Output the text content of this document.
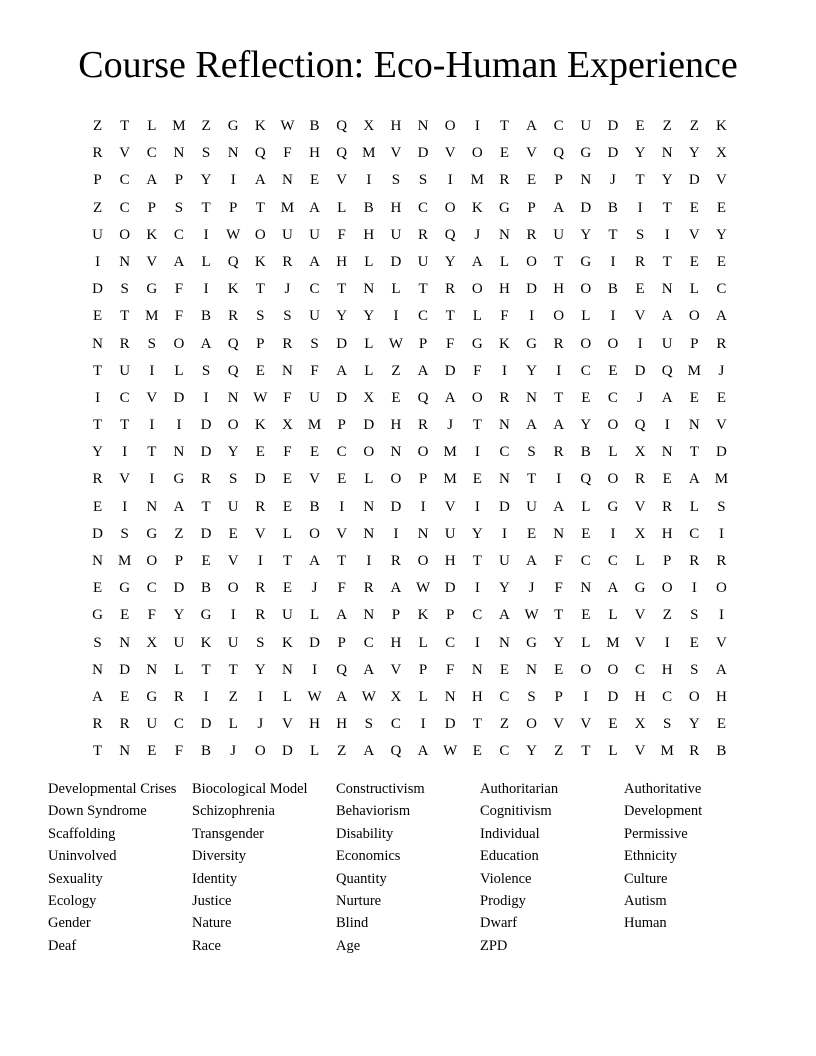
Course Reflection: Eco-Human Experience
Z	T	L	M	Z	G	K W	B	Q	X	H	N	O	I	T	A	C	U	D	E	Z	Z	K
R	V	C	N	S	N	Q	F	H	Q	M	V	D	V	O	E	V	Q	G	D	Y	N	Y	X
P	C	A	P	Y	I	A	N	E	V	I	S	S	I	M	R	E	P	N	J	T	Y	D	V
Z	C	P	S	T	P	T	M	A	L	B	H	C	O	K	G	P	A	D	B	I	T	E	E
U	O	K	C	I	W O	U	U	F	H	U	R	Q	J	N	R	U	Y	T	S	I	V	Y
I	N	V	A	L	Q	K	R	A	H	L	D	U	Y	A	L	O	T	G	I	R	T	E	E
D	S	G	F	I	K	T	J	C	T	N	L	T	R	O	H	D	H	O	B	E	N	L	C
E	T	M	F	B	R	S	S	U	Y	Y	I	C	T	L	F	I	O	L	I	V	A	O	A
N	R	S	O	A	Q	P	R	S	D	L	W	P	F	G	K	G	R	O	O	I	U	P	R
T	U	I	L	S	Q	E	N	F	A	L	Z	A	D	F	I	Y	I	C	E	D	Q	M	J
I	C	V	D	I	N W	F	U	D	X	E	Q	A	O	R	N	T	E	C	J	A	E	E
T	T	I	I	D	O	K	X	M	P	D	H	R	J	T	N	A	A	Y	O	Q	I	N	V
Y	I	T	N	D	Y	E	F	E	C	O	N	O	M	I	C	S	R	B	L	X	N	T	D
R	V	I	G	R	S	D	E	V	E	L	O	P	M	E	N	T	I	Q	O	R	E	A	M
E	I	N	A	T	U	R	E	B	I	N	D	I	V	I	D	U	A	L	G	V	R	L	S
D	S	G	Z	D	E	V	L	O	V	N	I	N	U	Y	I	E	N	E	I	X	H	C	I
N	M	O	P	E	V	I	T	A	T	I	R	O	H	T	U	A	F	C	C	L	P	R	R
E	G	C	D	B	O	R	E	J	F	R	A W D	I	Y	J	F	N	A	G	O	I	O
G	E	F	Y	G	I	R	U	L	A	N	P	K	P	C	A W	T	E	L	V	Z	S	I
S	N	X	U	K	U	S	K	D	P	C	H	L	C	I	N	G	Y	L	M	V	I	E	V
N	D	N	L	T	T	Y	N	I	Q	A	V	P	F	N	E	N	E	O	O	C	H	S	A
A	E	G	R	I	Z	I	L	W A W X	L	N	H	C	S	P	I	D	H	C	O	H
R	R	U	C	D	L	J	V	H	H	S	C	I	D	T	Z	O	V	V	E	X	S	Y	E
T	N	E	F	B	J	O	D	L	Z	A	Q	A W	E	C	Y	Z	T	L	V	M	R	B
Developmental Crises	Biocological Model	Constructivism	Authoritarian	Authoritative
Down Syndrome	Schizophrenia	Behaviorism	Cognitivism	Development
Scaffolding	Transgender	Disability	Individual	Permissive
Uninvolved	Diversity	Economics	Education	Ethnicity
Sexuality	Identity	Quantity	Violence	Culture
Ecology	Justice	Nurture	Prodigy	Autism
Gender	Nature	Blind	Dwarf	Human
Deaf	Race	Age	ZPD
